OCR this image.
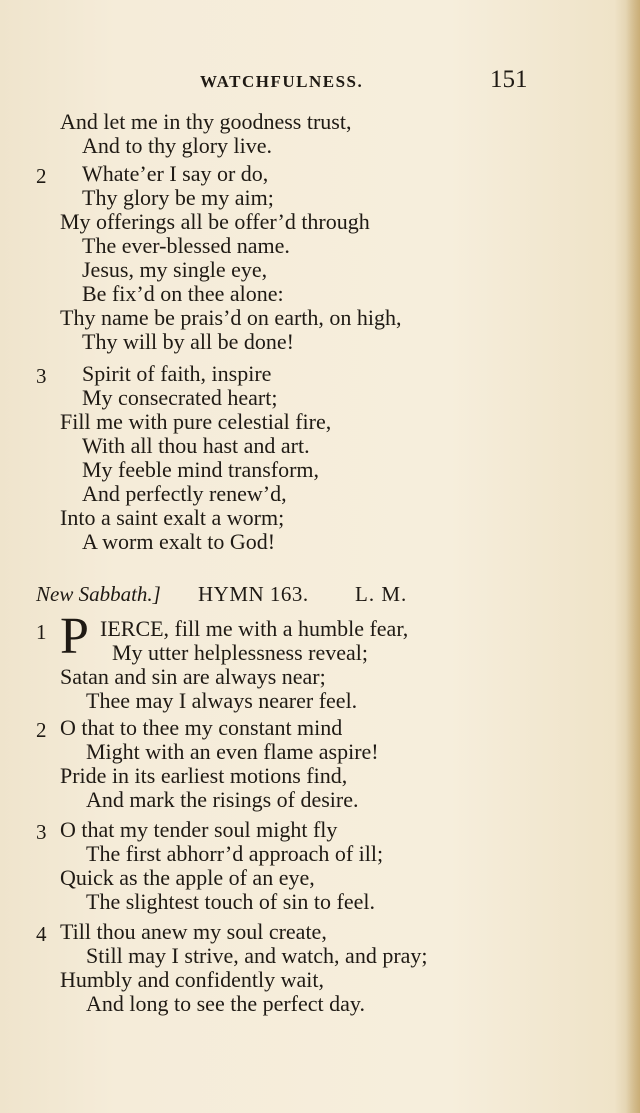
WATCHFULNESS.	151
And let me in thy goodness trust,
And to thy glory live.
2 Whate’er I say or do,
Thy glory be my aim;
My offerings all be offer’d through
The ever-blessed name.
Jesus, my single eye,
Be fix’d on thee alone:
Thy name be prais’d on earth, on high,
Thy will by all be done!
3 Spirit of faith, inspire
My consecrated heart;
Fill me with pure celestial fire,
With all thou hast and art.
My feeble mind transform,
And perfectly renew’d,
Into a saint exalt a worm;
A worm exalt to God!
New Sabbath.] HYMN 163. L. M.
1 P IERCE, fill me with a humble fear,
My utter helplessness reveal;
Satan and sin are always near;
Thee may I always nearer feel.
2 O that to thee my constant mind
Might with an even flame aspire!
Pride in its earliest motions find,
And mark the risings of desire.
3 O that my tender soul might fly
The first abhorr’d approach of ill;
Quick as the apple of an eye,
The slightest touch of sin to feel.
4 Till thou anew my soul create,
Still may I strive, and watch, and pray;
Humbly and confidently wait,
And long to see the perfect day.
